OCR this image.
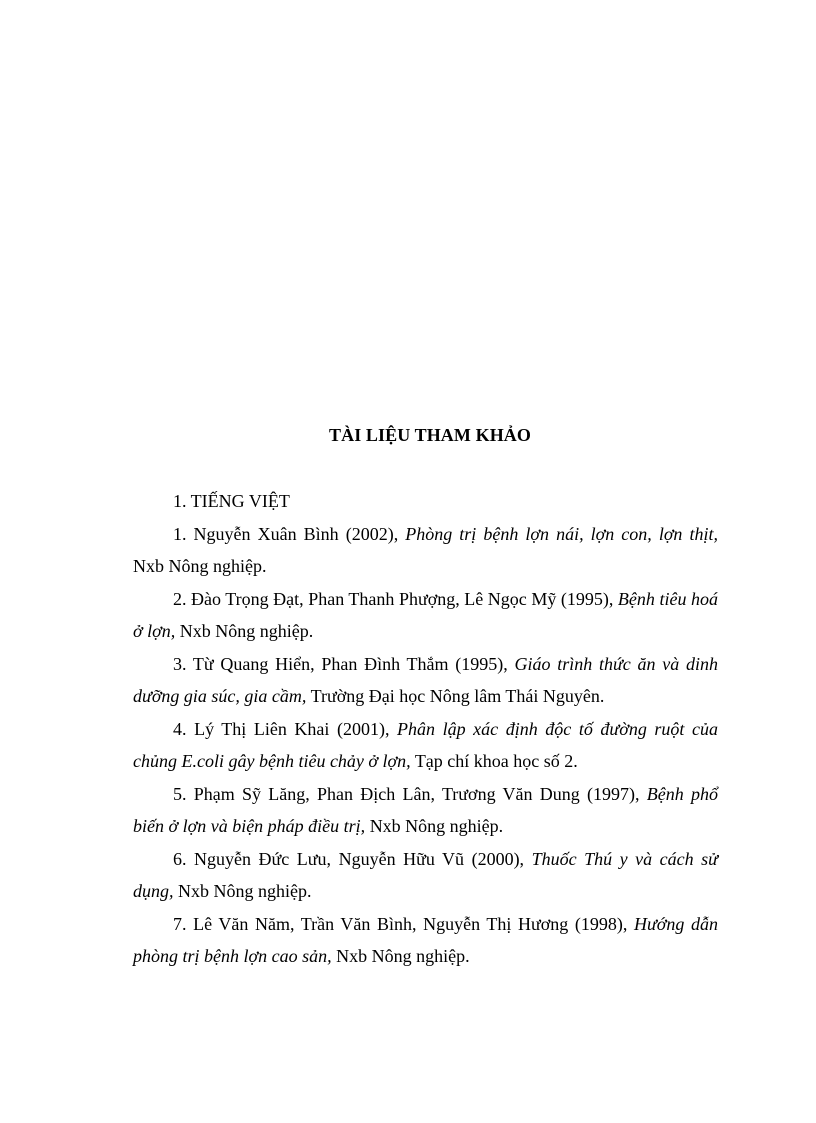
TÀI LIỆU THAM KHẢO

1. TIẾNG VIỆT

1. Nguyễn Xuân Bình (2002), Phòng trị bệnh lợn nái, lợn con, lợn thịt, Nxb Nông nghiệp.

2. Đào Trọng Đạt, Phan Thanh Phượng, Lê Ngọc Mỹ (1995), Bệnh tiêu hoá ở lợn, Nxb Nông nghiệp.

3. Từ Quang Hiển, Phan Đình Thắm (1995), Giáo trình thức ăn và dinh dưỡng gia súc, gia cầm, Trường Đại học Nông lâm Thái Nguyên.

4. Lý Thị Liên Khai (2001), Phân lập xác định độc tố đường ruột của chủng E.coli gây bệnh tiêu chảy ở lợn, Tạp chí khoa học số 2.

5. Phạm Sỹ Lăng, Phan Địch Lân, Trương Văn Dung (1997), Bệnh phổ biến ở lợn và biện pháp điều trị, Nxb Nông nghiệp.

6. Nguyễn Đức Lưu, Nguyễn Hữu Vũ (2000), Thuốc Thú y và cách sử dụng, Nxb Nông nghiệp.

7. Lê Văn Năm, Trần Văn Bình, Nguyễn Thị Hương (1998), Hướng dẫn phòng trị bệnh lợn cao sản, Nxb Nông nghiệp.
